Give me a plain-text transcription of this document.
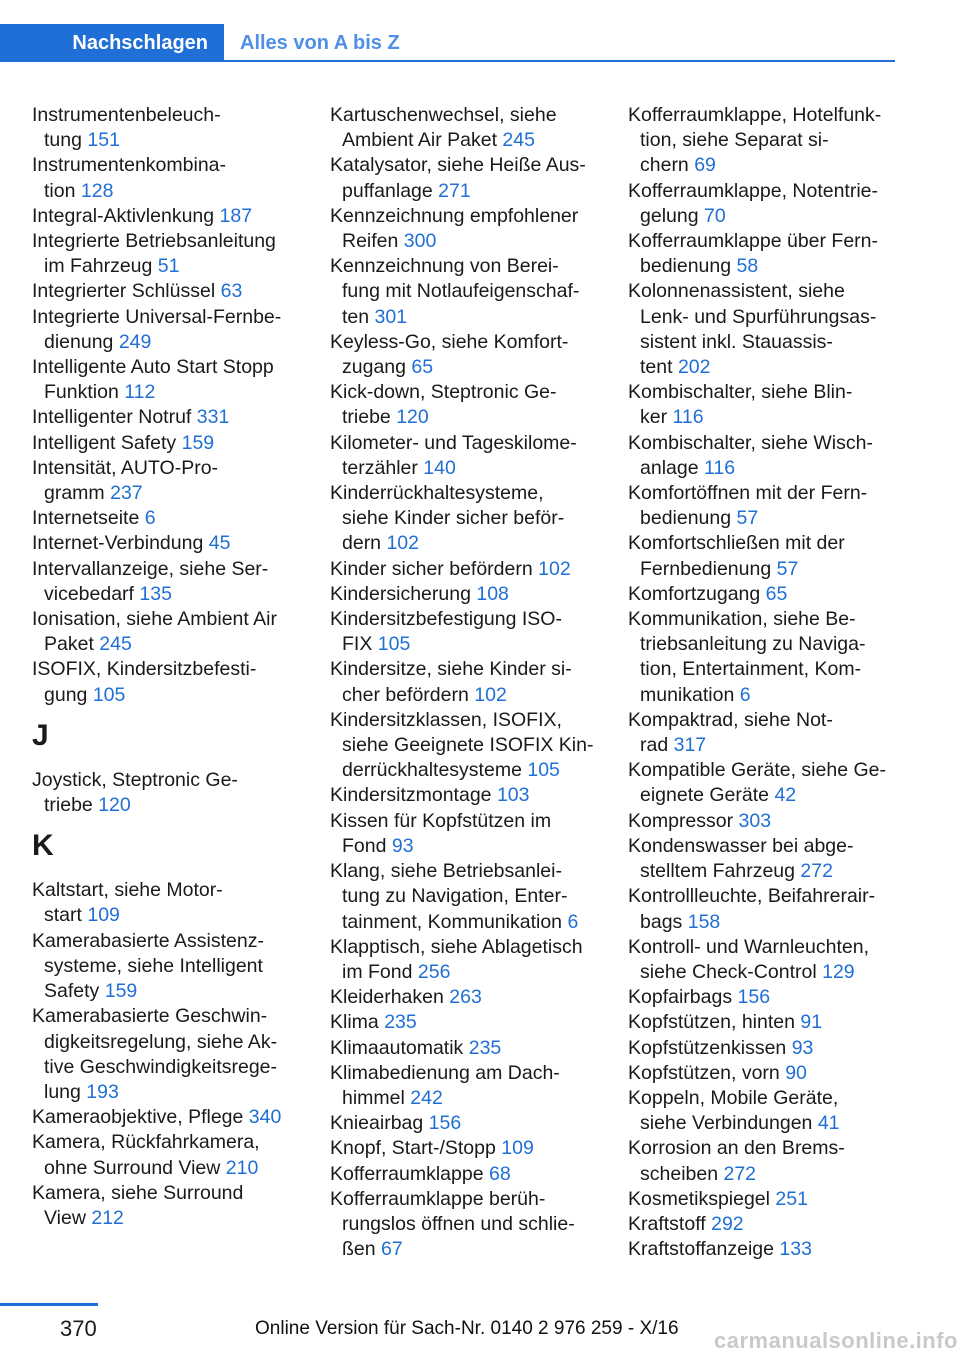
Nachschlagen	Alles von A bis Z
Instrumentenbeleuch-
tung 151
Instrumentenkombina-
tion 128
Integral-Aktivlenkung 187
Integrierte Betriebsanleitung
im Fahrzeug 51
Integrierter Schlüssel 63
Integrierte Universal-Fernbe-
dienung 249
Intelligente Auto Start Stopp
Funktion 112
Intelligenter Notruf 331
Intelligent Safety 159
Intensität, AUTO-Pro-
gramm 237
Internetseite 6
Internet-Verbindung 45
Intervallanzeige, siehe Ser-
vicebedarf 135
Ionisation, siehe Ambient Air
Paket 245
ISOFIX, Kindersitzbefesti-
gung 105
J
Joystick, Steptronic Ge-
triebe 120
K
Kaltstart, siehe Motor-
start 109
Kamerabasierte Assistenz-
systeme, siehe Intelligent
Safety 159
Kamerabasierte Geschwin-
digkeitsregelung, siehe Ak-
tive Geschwindigkeitsrege-
lung 193
Kameraobjektive, Pflege 340
Kamera, Rückfahrkamera,
ohne Surround View 210
Kamera, siehe Surround
View 212
Kartuschenwechsel, siehe
Ambient Air Paket 245
Katalysator, siehe Heiße Aus-
puffanlage 271
Kennzeichnung empfohlener
Reifen 300
Kennzeichnung von Berei-
fung mit Notlaufeigenschaf-
ten 301
Keyless-Go, siehe Komfort-
zugang 65
Kick-down, Steptronic Ge-
triebe 120
Kilometer- und Tageskilome-
terzähler 140
Kinderrückhaltesysteme,
siehe Kinder sicher beför-
dern 102
Kinder sicher befördern 102
Kindersicherung 108
Kindersitzbefestigung ISO-
FIX 105
Kindersitze, siehe Kinder si-
cher befördern 102
Kindersitzklassen, ISOFIX,
siehe Geeignete ISOFIX Kin-
derrückhaltesysteme 105
Kindersitzmontage 103
Kissen für Kopfstützen im
Fond 93
Klang, siehe Betriebsanlei-
tung zu Navigation, Enter-
tainment, Kommunikation 6
Klapptisch, siehe Ablagetisch
im Fond 256
Kleiderhaken 263
Klima 235
Klimaautomatik 235
Klimabedienung am Dach-
himmel 242
Knieairbag 156
Knopf, Start-/Stopp 109
Kofferraumklappe 68
Kofferraumklappe berüh-
rungslos öffnen und schlie-
ßen 67
Kofferraumklappe, Hotelfunk-
tion, siehe Separat si-
chern 69
Kofferraumklappe, Notentrie-
gelung 70
Kofferraumklappe über Fern-
bedienung 58
Kolonnenassistent, siehe
Lenk- und Spurführungsas-
sistent inkl. Stauassis-
tent 202
Kombischalter, siehe Blin-
ker 116
Kombischalter, siehe Wisch-
anlage 116
Komfortöffnen mit der Fern-
bedienung 57
Komfortschließen mit der
Fernbedienung 57
Komfortzugang 65
Kommunikation, siehe Be-
triebsanleitung zu Naviga-
tion, Entertainment, Kom-
munikation 6
Kompaktrad, siehe Not-
rad 317
Kompatible Geräte, siehe Ge-
eignete Geräte 42
Kompressor 303
Kondenswasser bei abge-
stelltem Fahrzeug 272
Kontrollleuchte, Beifahrerair-
bags 158
Kontroll- und Warnleuchten,
siehe Check-Control 129
Kopfairbags 156
Kopfstützen, hinten 91
Kopfstützenkissen 93
Kopfstützen, vorn 90
Koppeln, Mobile Geräte,
siehe Verbindungen 41
Korrosion an den Brems-
scheiben 272
Kosmetikspiegel 251
Kraftstoff 292
Kraftstoffanzeige 133
370	Online Version für Sach-Nr. 0140 2 976 259 - X/16 carmanualsonline.info
